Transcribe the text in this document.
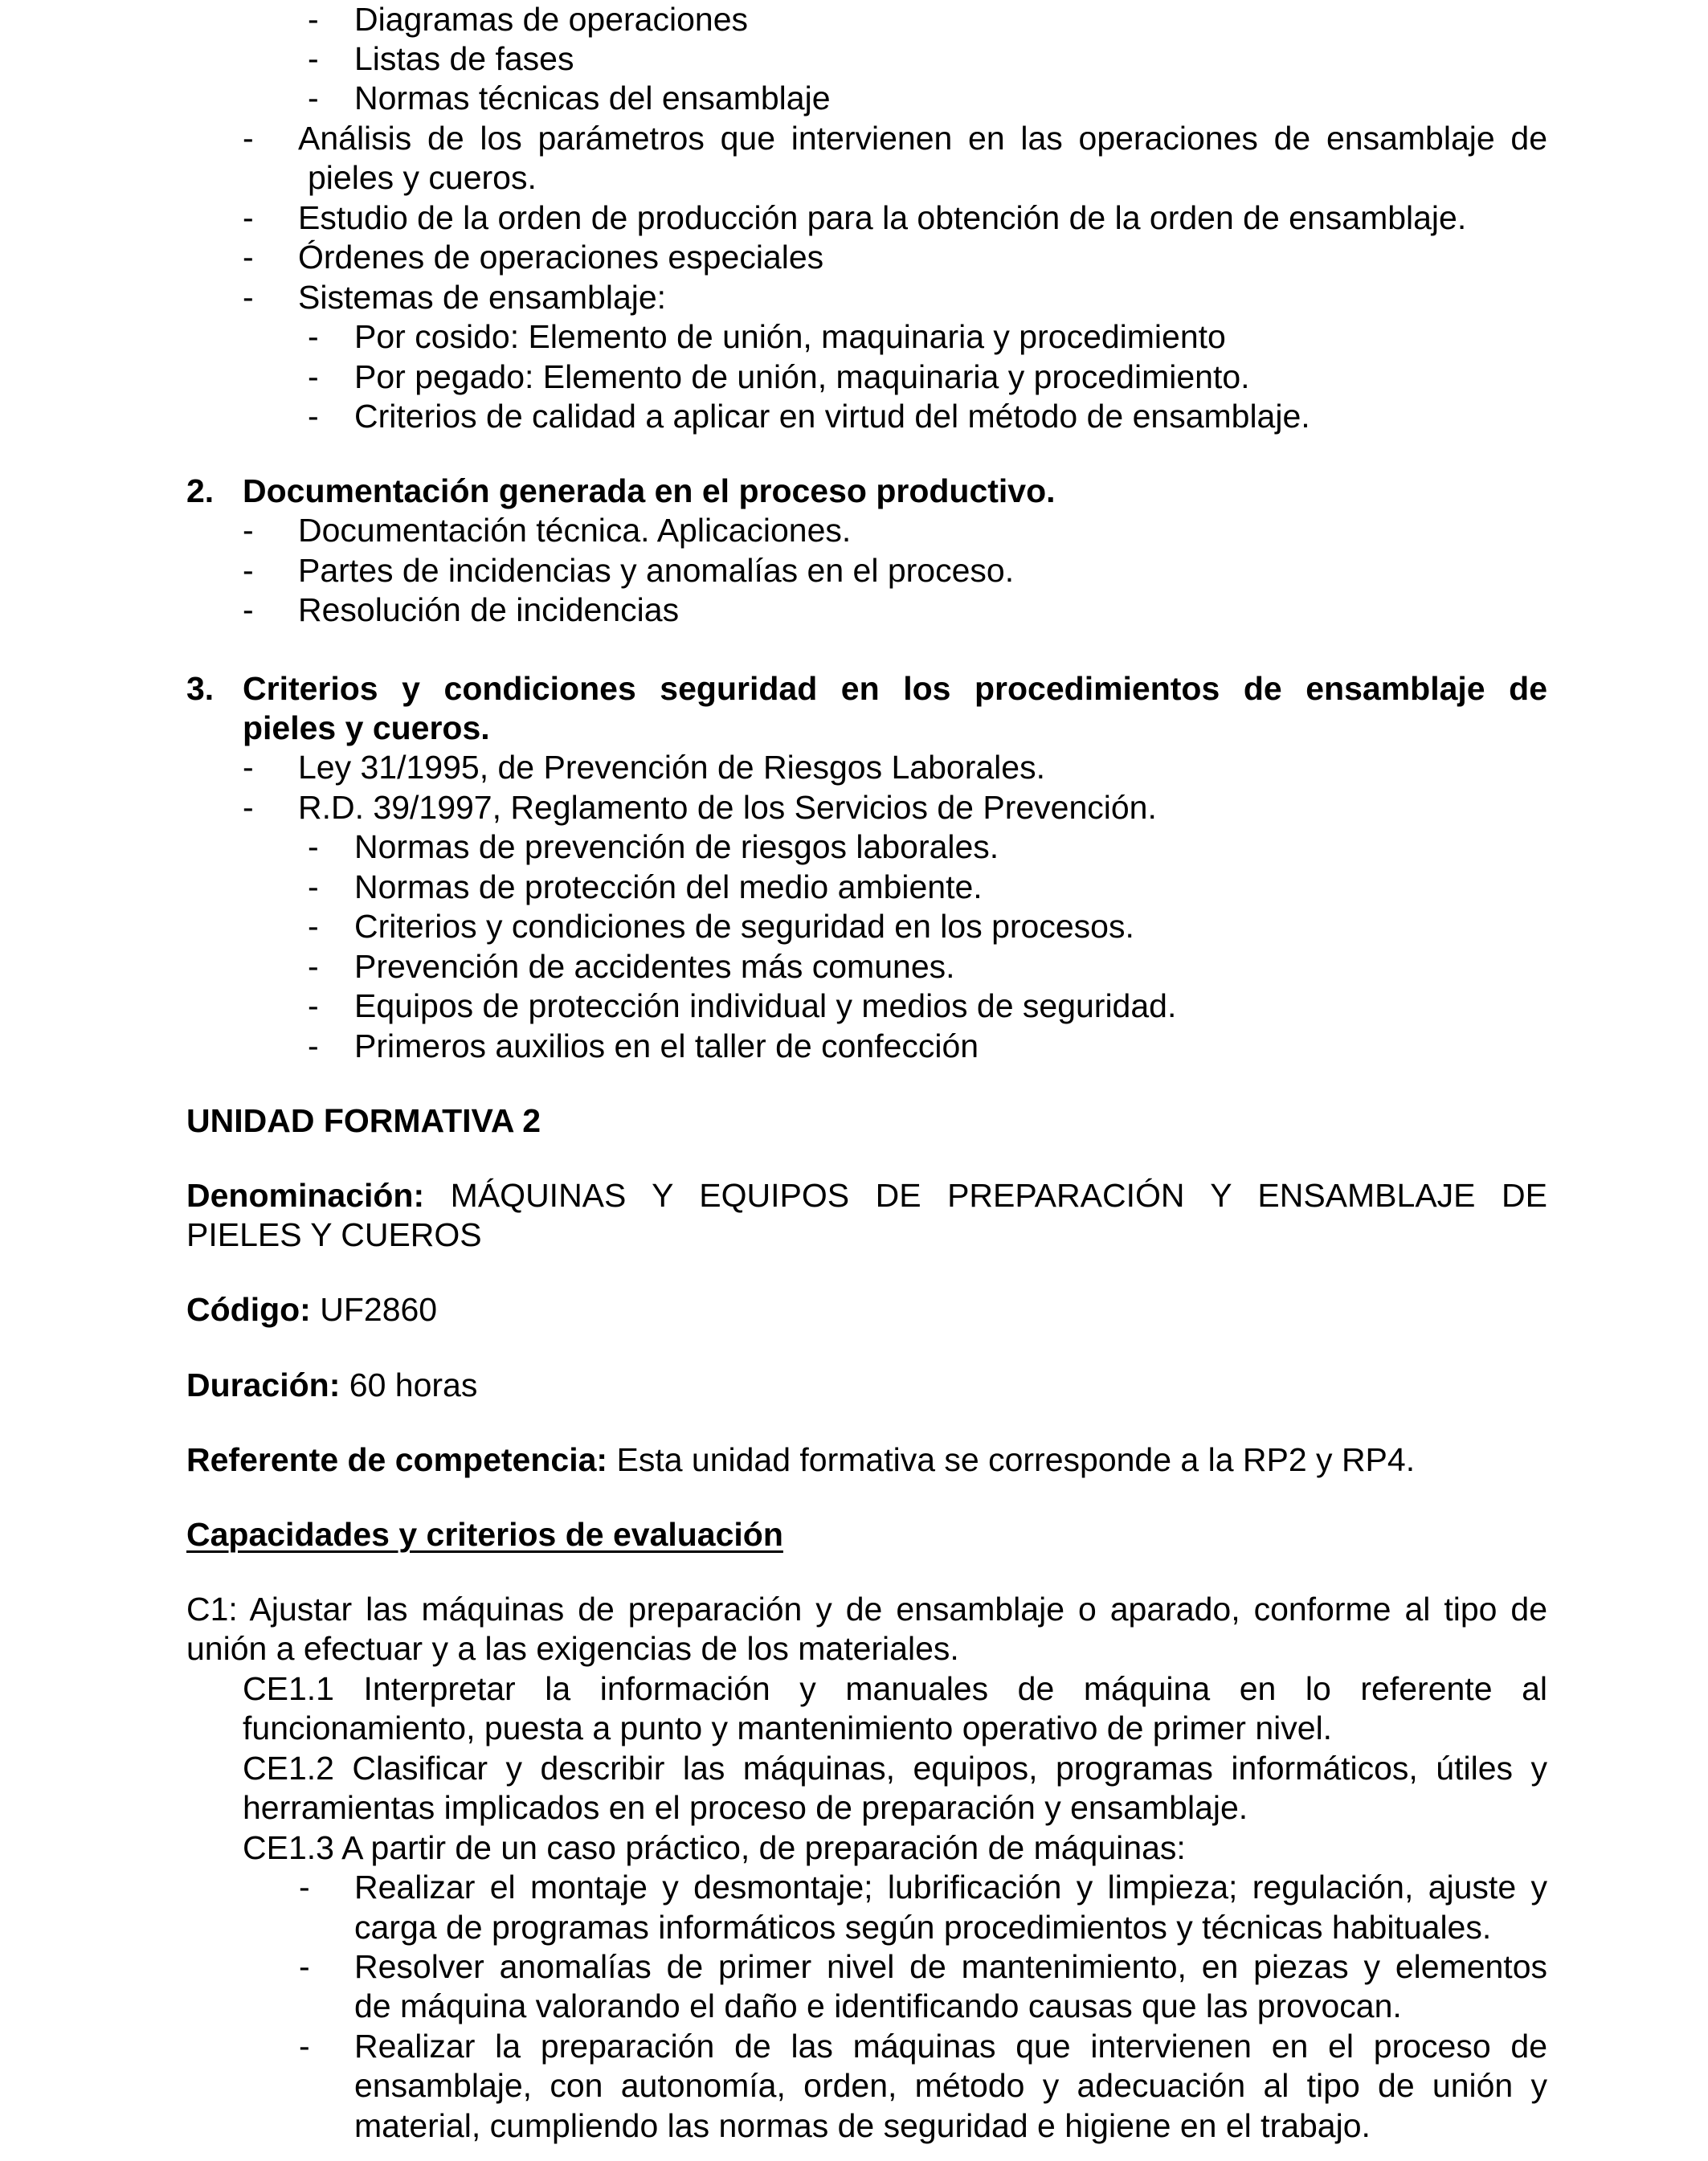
- Diagramas de operaciones
- Listas de fases
- Normas técnicas del ensamblaje
- Análisis de los parámetros que intervienen en las operaciones de ensamblaje de
pieles y cueros.
- Estudio de la orden de producción para la obtención de la orden de ensamblaje.
- Órdenes de operaciones especiales
- Sistemas de ensamblaje:
- Por cosido: Elemento de unión, maquinaria y procedimiento
- Por pegado: Elemento de unión, maquinaria y procedimiento.
- Criterios de calidad a aplicar en virtud del método de ensamblaje.
2. Documentación generada en el proceso productivo.
- Documentación técnica. Aplicaciones.
- Partes de incidencias y anomalías en el proceso.
- Resolución de incidencias
3. Criterios y condiciones seguridad en los procedimientos de ensamblaje de
pieles y cueros.
- Ley 31/1995, de Prevención de Riesgos Laborales.
- R.D. 39/1997, Reglamento de los Servicios de Prevención.
- Normas de prevención de riesgos laborales.
- Normas de protección del medio ambiente.
- Criterios y condiciones de seguridad en los procesos.
- Prevención de accidentes más comunes.
- Equipos de protección individual y medios de seguridad.
- Primeros auxilios en el taller de confección
UNIDAD FORMATIVA 2
Denominación: MÁQUINAS Y EQUIPOS DE PREPARACIÓN Y ENSAMBLAJE DE
PIELES Y CUEROS
Código: UF2860
Duración: 60 horas
Referente de competencia: Esta unidad formativa se corresponde a la RP2 y RP4.
Capacidades y criterios de evaluación
C1: Ajustar las máquinas de preparación y de ensamblaje o aparado, conforme al tipo de
unión a efectuar y a las exigencias de los materiales.
CE1.1 Interpretar la información y manuales de máquina en lo referente al
funcionamiento, puesta a punto y mantenimiento operativo de primer nivel.
CE1.2 Clasificar y describir las máquinas, equipos, programas informáticos, útiles y
herramientas implicados en el proceso de preparación y ensamblaje.
CE1.3 A partir de un caso práctico, de preparación de máquinas:
- Realizar el montaje y desmontaje; lubrificación y limpieza; regulación, ajuste y
carga de programas informáticos según procedimientos y técnicas habituales.
- Resolver anomalías de primer nivel de mantenimiento, en piezas y elementos
de máquina valorando el daño e identificando causas que las provocan.
- Realizar la preparación de las máquinas que intervienen en el proceso de
ensamblaje, con autonomía, orden, método y adecuación al tipo de unión y
material, cumpliendo las normas de seguridad e higiene en el trabajo.
